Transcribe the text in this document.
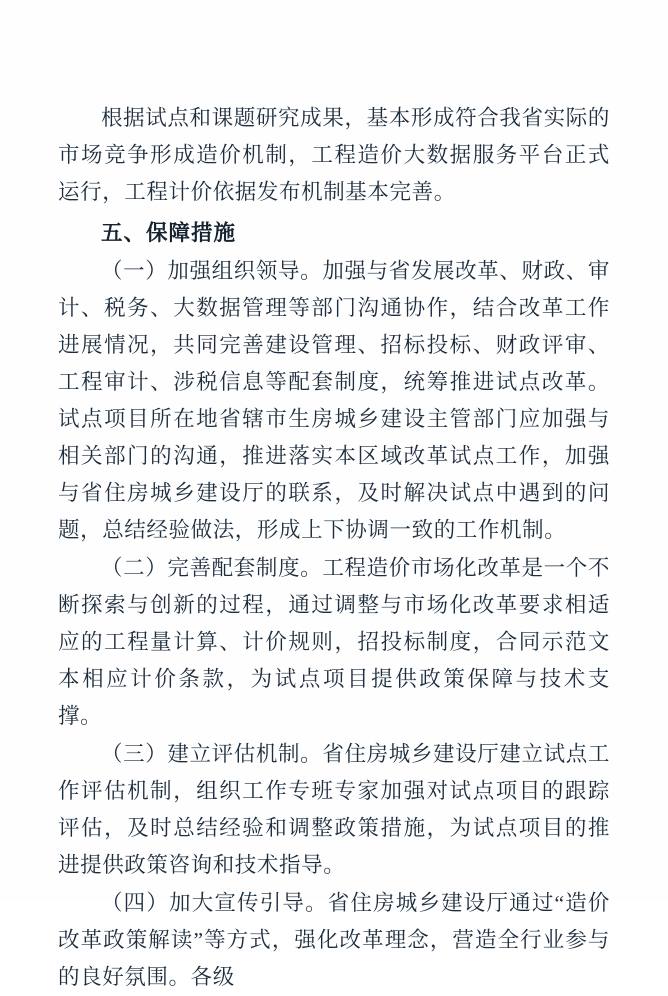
根据试点和课题研究成果，基本形成符合我省实际的市场竞争形成造价机制，工程造价大数据服务平台正式运行，工程计价依据发布机制基本完善。

五、保障措施

（一）加强组织领导。加强与省发展改革、财政、审计、税务、大数据管理等部门沟通协作，结合改革工作进展情况，共同完善建设管理、招标投标、财政评审、工程审计、涉税信息等配套制度，统筹推进试点改革。试点项目所在地省辖市生房城乡建设主管部门应加强与相关部门的沟通，推进落实本区域改革试点工作，加强与省住房城乡建设厅的联系，及时解决试点中遇到的问题，总结经验做法，形成上下协调一致的工作机制。

（二）完善配套制度。工程造价市场化改革是一个不断探索与创新的过程，通过调整与市场化改革要求相适应的工程量计算、计价规则，招投标制度，合同示范文本相应计价条款，为试点项目提供政策保障与技术支撑。

（三）建立评估机制。省住房城乡建设厅建立试点工作评估机制，组织工作专班专家加强对试点项目的跟踪评估，及时总结经验和调整政策措施，为试点项目的推进提供政策咨询和技术指导。

（四）加大宣传引导。省住房城乡建设厅通过“造价改革政策解读”等方式，强化改革理念，营造全行业参与的良好氛围。各级
